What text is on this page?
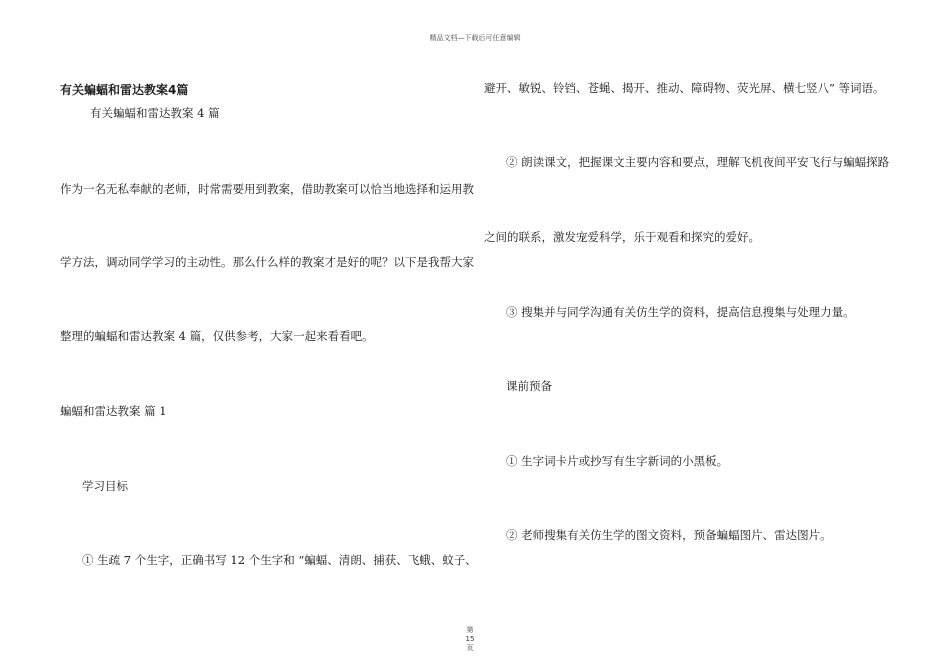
精品文档—下载后可任意编辑
有关蝙蝠和雷达教案4篇
有关蝙蝠和雷达教案 4 篇
作为一名无私奉献的老师，时常需要用到教案，借助教案可以恰当地选择和运用教
学方法，调动同学学习的主动性。那么什么样的教案才是好的呢？以下是我帮大家
整理的蝙蝠和雷达教案 4 篇，仅供参考，大家一起来看看吧。
蝙蝠和雷达教案 篇 1
学习目标
① 生疏 7 个生字，正确书写 12 个生字和 “蝙蝠、清朗、捕获、飞蛾、蚊子、
避开、敏锐、铃铛、苍蝇、揭开、推动、障碍物、荧光屏、横七竖八” 等词语。
② 朗读课文，把握课文主要内容和要点，理解飞机夜间平安飞行与蝙蝠探路
之间的联系，激发宠爱科学，乐于观看和探究的爱好。
③ 搜集并与同学沟通有关仿生学的资料，提高信息搜集与处理力量。
课前预备
① 生字词卡片或抄写有生字新词的小黑板。
② 老师搜集有关仿生学的图文资料，预备蝙蝠图片、雷达图片。
第
15
页
